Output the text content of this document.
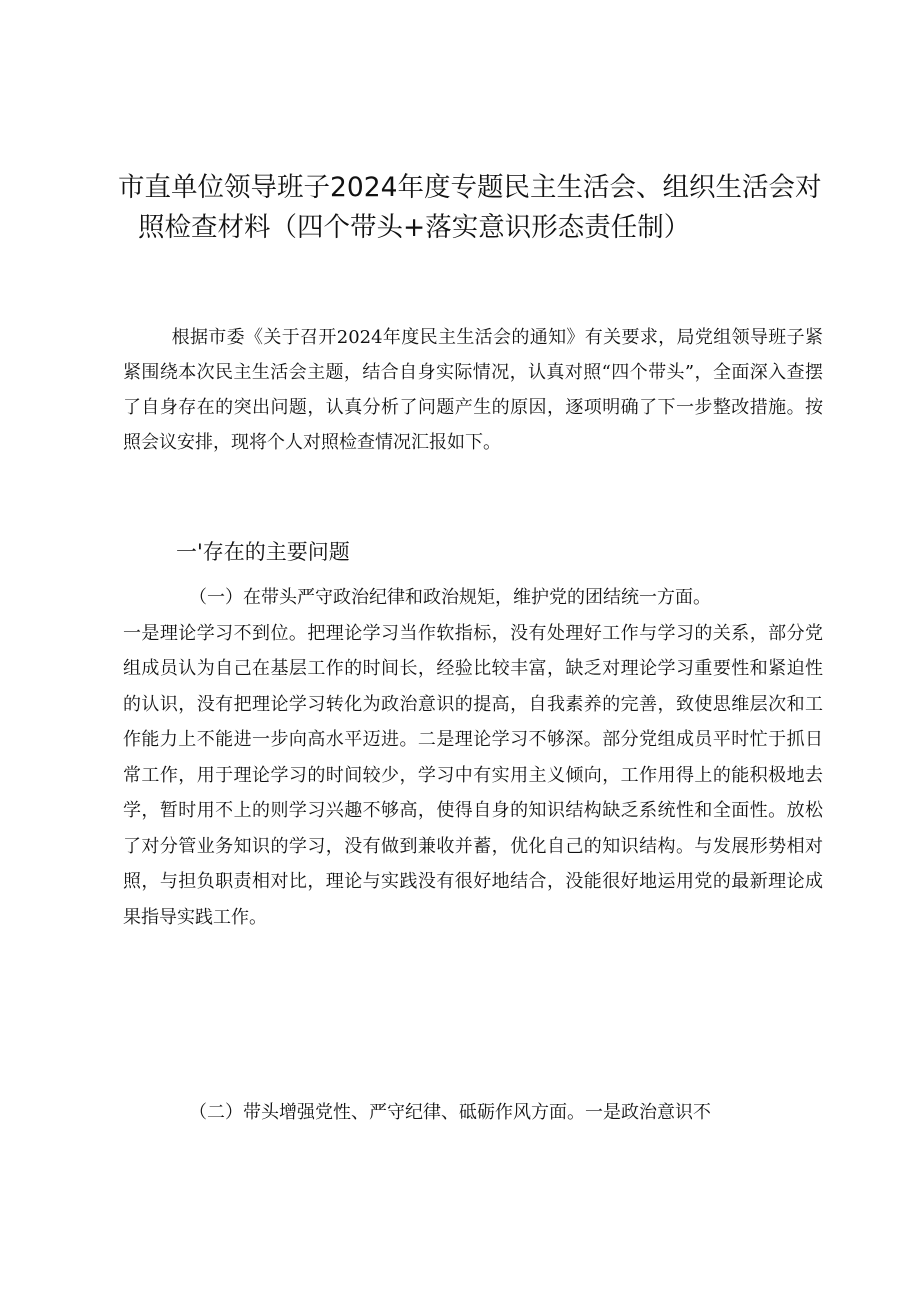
市直单位领导班子2024年度专题民主生活会、组织生活会对
照检查材料（四个带头+落实意识形态责任制）

根据市委《关于召开2024年度民主生活会的通知》有关要求，局党组领导班子紧紧围绕本次民主生活会主题，结合自身实际情况，认真对照“四个带头”，全面深入查摆了自身存在的突出问题，认真分析了问题产生的原因，逐项明确了下一步整改措施。按照会议安排，现将个人对照检查情况汇报如下。

一'存在的主要问题

（一）在带头严守政治纪律和政治规矩，维护党的团结统一方面。
一是理论学习不到位。把理论学习当作软指标，没有处理好工作与学习的关系，部分党组成员认为自己在基层工作的时间长，经验比较丰富，缺乏对理论学习重要性和紧迫性的认识，没有把理论学习转化为政治意识的提高，自我素养的完善，致使思维层次和工作能力上不能进一步向高水平迈进。二是理论学习不够深。部分党组成员平时忙于抓日常工作，用于理论学习的时间较少，学习中有实用主义倾向，工作用得上的能积极地去学，暂时用不上的则学习兴趣不够高，使得自身的知识结构缺乏系统性和全面性。放松了对分管业务知识的学习，没有做到兼收并蓄，优化自己的知识结构。与发展形势相对照，与担负职责相对比，理论与实践没有很好地结合，没能很好地运用党的最新理论成果指导实践工作。

（二）带头增强党性、严守纪律、砥砺作风方面。一是政治意识不
